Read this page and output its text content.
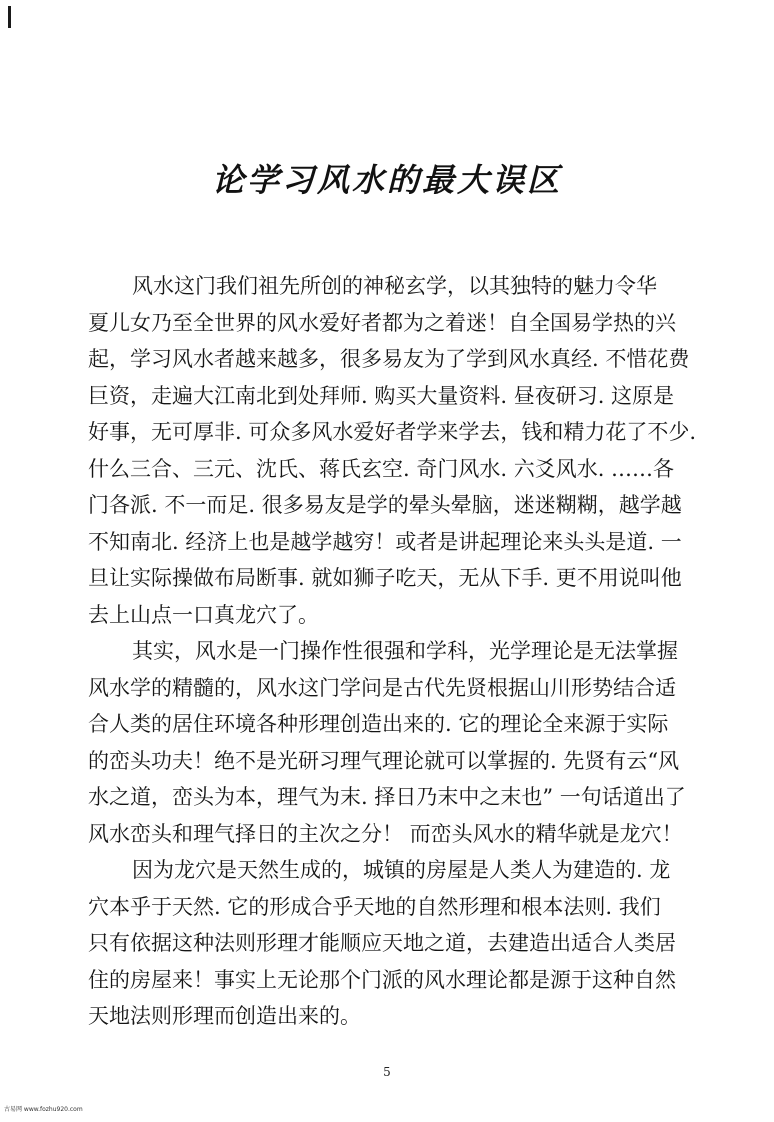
论学习风水的最大误区

风水这门我们祖先所创的神秘玄学，以其独特的魅力令华
夏儿女乃至全世界的风水爱好者都为之着迷！自全国易学热的兴
起，学习风水者越来越多，很多易友为了学到风水真经. 不惜花费
巨资，走遍大江南北到处拜师. 购买大量资料. 昼夜研习. 这原是
好事，无可厚非. 可众多风水爱好者学来学去，钱和精力花了不少.
什么三合、三元、沈氏、蒋氏玄空. 奇门风水. 六爻风水. ……各
门各派. 不一而足. 很多易友是学的晕头晕脑，迷迷糊糊，越学越
不知南北. 经济上也是越学越穷！或者是讲起理论来头头是道. 一
旦让实际操做布局断事. 就如狮子吃天，无从下手. 更不用说叫他
去上山点一口真龙穴了。

其实，风水是一门操作性很强和学科，光学理论是无法掌握
风水学的精髓的，风水这门学问是古代先贤根据山川形势结合适
合人类的居住环境各种形理创造出来的. 它的理论全来源于实际
的峦头功夫！绝不是光研习理气理论就可以掌握的. 先贤有云“风
水之道，峦头为本，理气为末. 择日乃末中之末也” 一句话道出了
风水峦头和理气择日的主次之分！ 而峦头风水的精华就是龙穴！

因为龙穴是天然生成的，城镇的房屋是人类人为建造的. 龙
穴本乎于天然. 它的形成合乎天地的自然形理和根本法则. 我们
只有依据这种法则形理才能顺应天地之道，去建造出适合人类居
住的房屋来！事实上无论那个门派的风水理论都是源于这种自然
天地法则形理而创造出来的。

5
古易网 www.fozhu920.com
